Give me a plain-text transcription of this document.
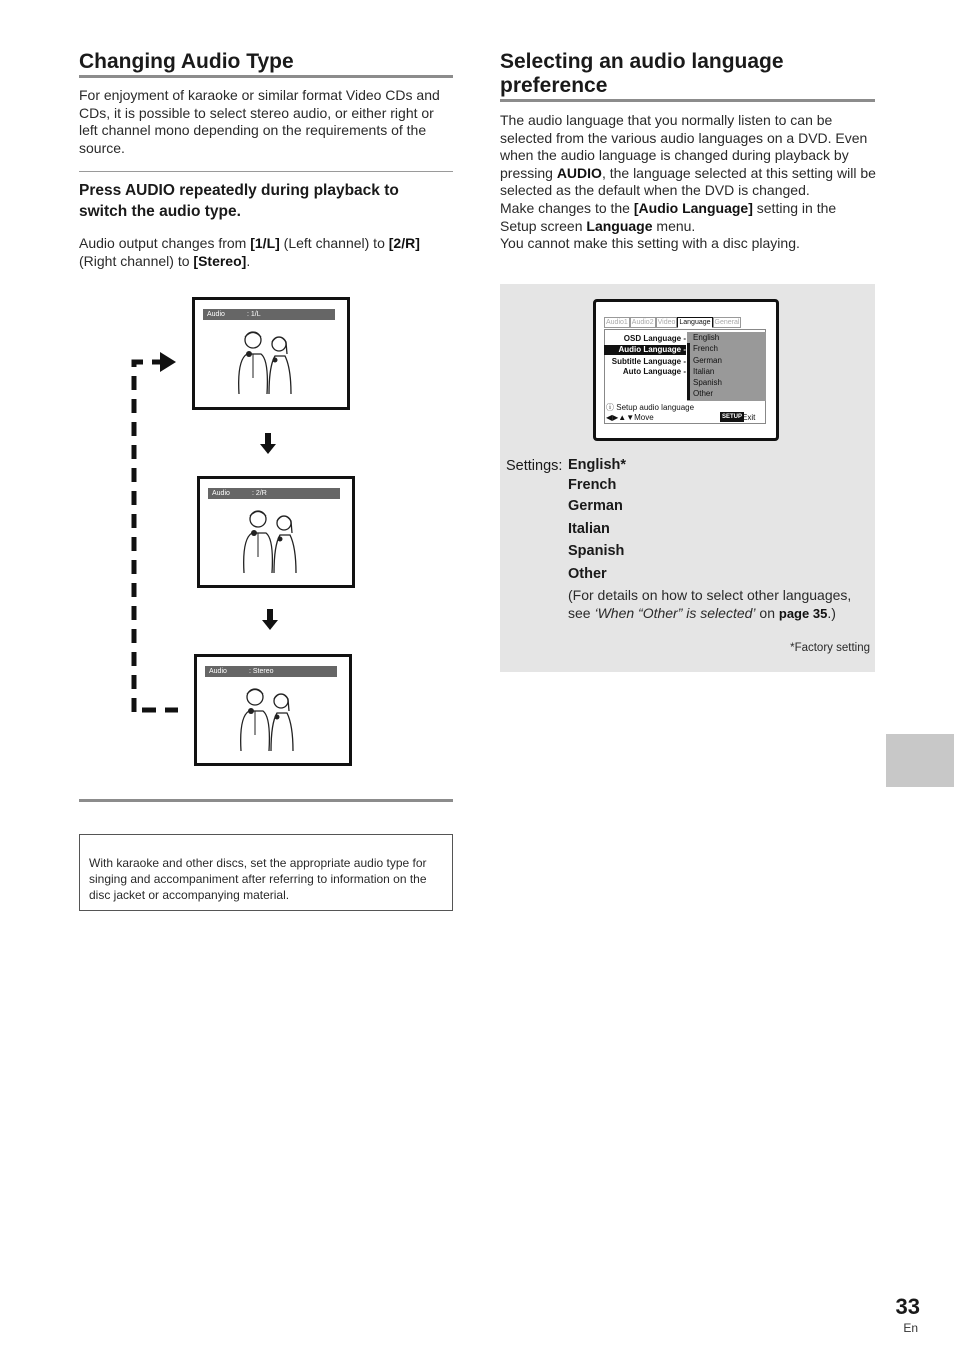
Changing Audio Type

For enjoyment of karaoke or similar format Video CDs and CDs, it is possible to select stereo audio, or either right or left channel mono depending on the requirements of the source.

Press AUDIO repeatedly during playback to switch the audio type.

Audio output changes from [1/L] (Left channel) to [2/R] (Right channel) to [Stereo].

Audio	: 1/L
Audio	: 2/R
Audio	: Stereo

With karaoke and other discs, set the appropriate audio type for singing and accompaniment after referring to information on the disc jacket or accompanying material.

Selecting an audio language
preference

The audio language that you normally listen to can be selected from the various audio languages on a DVD. Even when the audio language is changed during playback by pressing AUDIO, the language selected at this setting will be selected as the default when the DVD is changed.
Make changes to the [Audio Language] setting in the Setup screen Language menu.
You cannot make this setting with a disc playing.

Audio1 Audio2 Video Language General
OSD Language -
Audio Language -
Subtitle Language -
Auto Language -
English
French
German
Italian
Spanish
Other
ⓘ Setup audio language
◀▶▲▼Move	SETUP Exit
Settings: English*
French
German
Italian
Spanish
Other

(For details on how to select other languages, see ‘When “Other” is selected’ on page 35.)

*Factory setting
33
En
